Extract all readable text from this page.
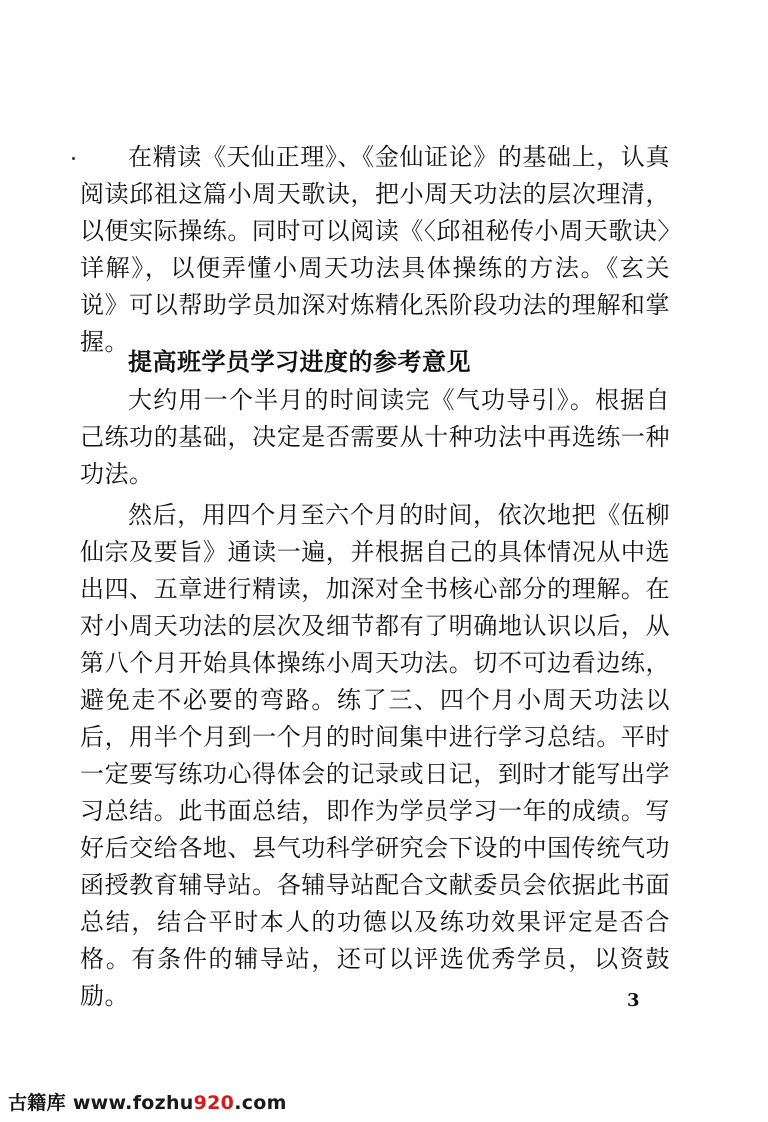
在精读《天仙正理》、《金仙证论》的基础上，认真阅读邱祖这篇小周天歌诀，把小周天功法的层次理清，以便实际操练。同时可以阅读《〈邱祖秘传小周天歌诀〉详解》，以便弄懂小周天功法具体操练的方法。《玄关说》可以帮助学员加深对炼精化炁阶段功法的理解和掌握。

提高班学员学习进度的参考意见

大约用一个半月的时间读完《气功导引》。根据自己练功的基础，决定是否需要从十种功法中再选练一种功法。

然后，用四个月至六个月的时间，依次地把《伍柳仙宗及要旨》通读一遍，并根据自己的具体情况从中选出四、五章进行精读，加深对全书核心部分的理解。在对小周天功法的层次及细节都有了明确地认识以后，从第八个月开始具体操练小周天功法。切不可边看边练，避免走不必要的弯路。练了三、四个月小周天功法以后，用半个月到一个月的时间集中进行学习总结。平时一定要写练功心得体会的记录或日记，到时才能写出学习总结。此书面总结，即作为学员学习一年的成绩。写好后交给各地、县气功科学研究会下设的中国传统气功函授教育辅导站。各辅导站配合文献委员会依据此书面总结，结合平时本人的功德以及练功效果评定是否合格。有条件的辅导站，还可以评选优秀学员，以资鼓励。	3
古籍库 www.fozhu920.com
